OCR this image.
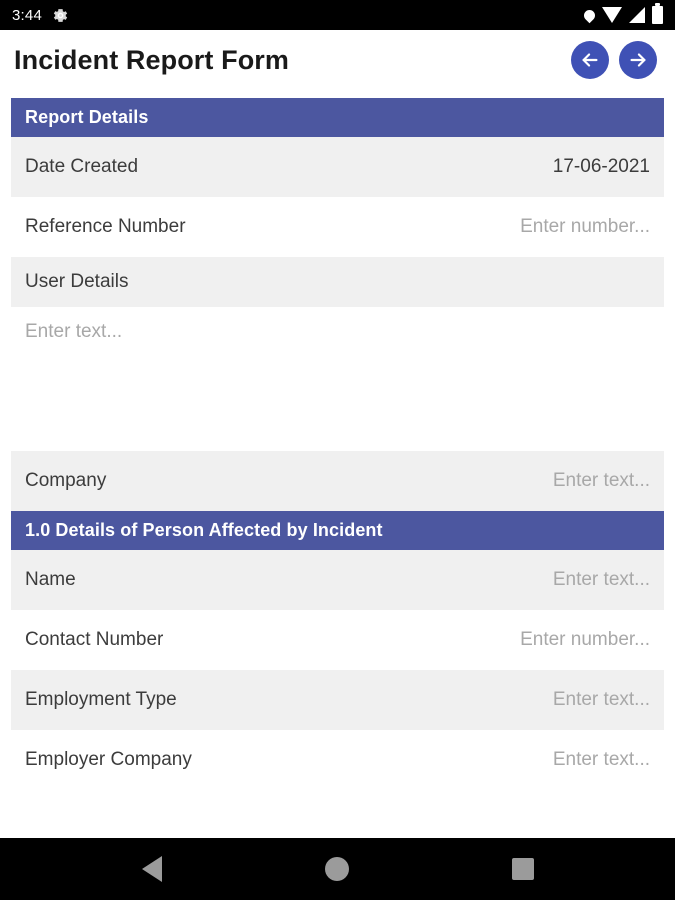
3:44
Incident Report Form
Report Details
Date Created	17-06-2021
Reference Number	Enter number...
User Details
Enter text...
Company	Enter text...
1.0 Details of Person Affected by Incident
Name	Enter text...
Contact Number	Enter number...
Employment Type	Enter text...
Employer Company	Enter text...
